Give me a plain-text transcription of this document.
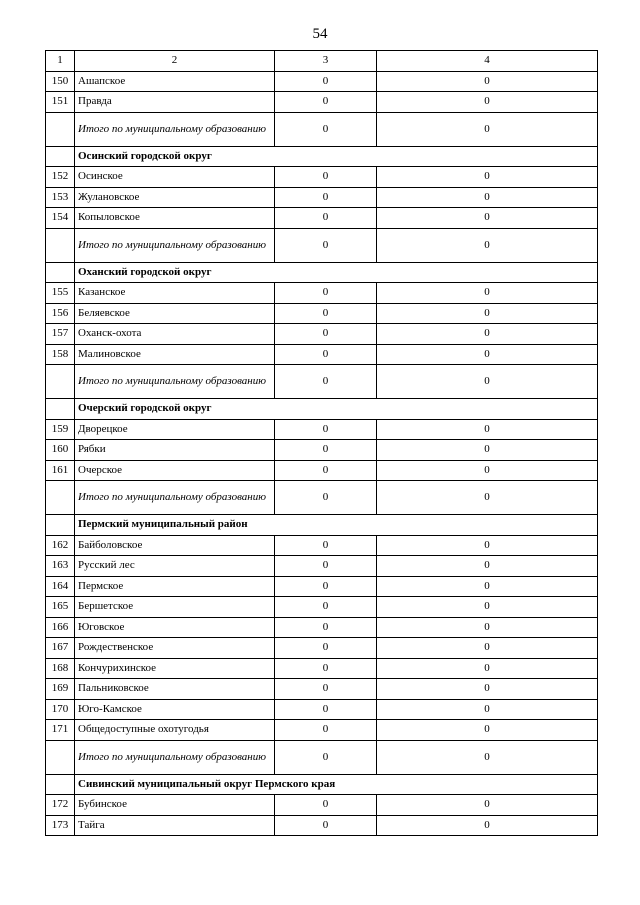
54
1	2	3	4
150	Ашапское	0	0
151	Правда	0	0
	Итого по муниципальному образованию	0	0
	Осинский городской округ		
152	Осинское	0	0
153	Жулановское	0	0
154	Копыловское	0	0
	Итого по муниципальному образованию	0	0
	Оханский городской округ		
155	Казанское	0	0
156	Беляевское	0	0
157	Оханск-охота	0	0
158	Малиновское	0	0
	Итого по муниципальному образованию	0	0
	Очерский городской округ		
159	Дворецкое	0	0
160	Рябки	0	0
161	Очерское	0	0
	Итого по муниципальному образованию	0	0
	Пермский муниципальный район		
162	Байболовское	0	0
163	Русский лес	0	0
164	Пермское	0	0
165	Бершетское	0	0
166	Юговское	0	0
167	Рождественское	0	0
168	Кончурихинское	0	0
169	Пальниковское	0	0
170	Юго-Камское	0	0
171	Общедоступные охотугодья	0	0
	Итого по муниципальному образованию	0	0
	Сивинский муниципальный округ Пермского края		
172	Бубинское	0	0
173	Тайга	0	0
